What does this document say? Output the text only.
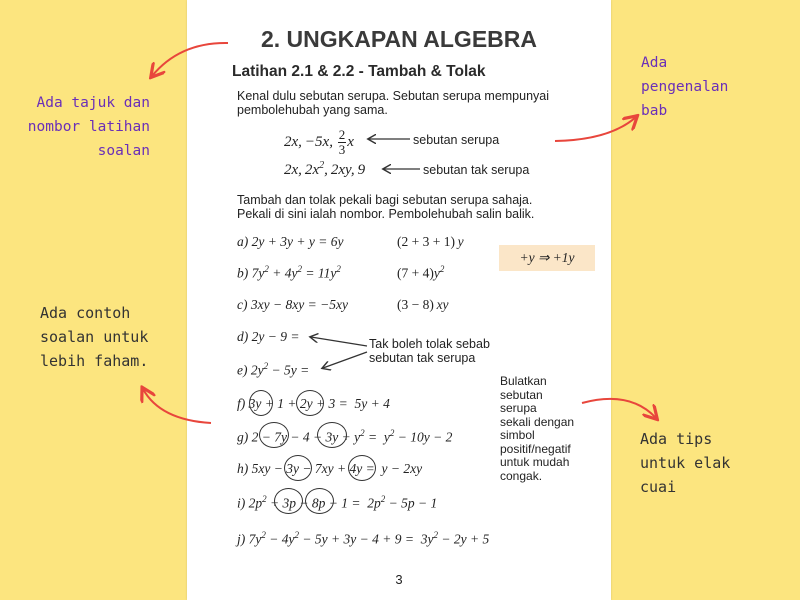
2. UNGKAPAN ALGEBRA
Latihan 2.1 & 2.2 - Tambah & Tolak
Kenal dulu sebutan serupa. Sebutan serupa mempunyai
pembolehubah yang sama.
2x, −5x, $\frac{2}{3}$ x	sebutan serupa
2x, $2x^2$, 2xy, 9	sebutan tak serupa
Tambah dan tolak pekali bagi sebutan serupa sahaja.
Pekali di sini ialah nombor. Pembolehubah salin balik.
a) 2y + 3y + y = 6y	(2 + 3 + 1)  y
b) $7y^2 + 4y^2 = 11y^2$	$(7 + 4)y^2$
+y ⇒ +1y
c) 3xy − 8xy = −5xy	(3 − 8)  xy
d) 2y − 9 =	Tak boleh tolak sebab
sebutan tak serupa
e) $2y^2 - 5y$ =
f) 3y + 1 + 2y + 3 =  5y + 4
g) $2 - 7y - 4 - 3y + y^2 = y^2 - 10y - 2$
h) 5xy − 3y − 7xy + 4y =  y − 2xy
i) $2p^2 + 3p - 8p - 1 = 2p^2 - 5p - 1$
j) $7y^2 - 4y^2 - 5y + 3y - 4 + 9 = 3y^2 - 2y + 5$
Bulatkan
sebutan
serupa
sekali dengan
simbol
positif/negatif
untuk mudah
congak.
3
Ada tajuk dan
nombor latihan
soalan
Ada
pengenalan
bab
Ada contoh
soalan untuk
lebih faham.
Ada tips
untuk elak
cuai
